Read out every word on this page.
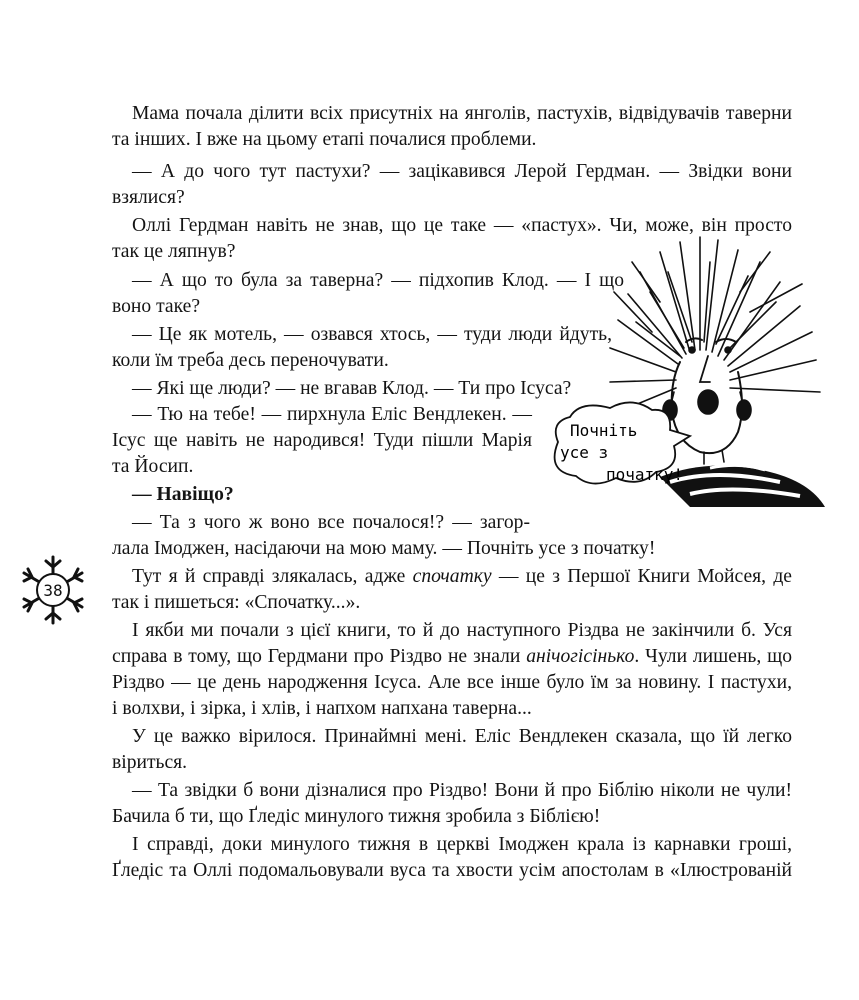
Мама почала ділити всіх присутніх на янголів, пастухів, відвідувачів таверни
та інших. І вже на цьому етапі почалися проблеми.
— А до чого тут пастухи? — зацікавився Лерой Гердман. — Звідки вони
взялися?
Оллі Гердман навіть не знав, що це таке — «пастух». Чи, може, він просто
так це ляпнув?
— А що то була за таверна? — підхопив Клод. — І що
воно таке?
— Це як мотель, — озвався хтось, — туди люди йдуть,
коли їм треба десь переночувати.
— Які ще люди? — не вгавав Клод. — Ти про Ісуса?
— Тю на тебе! — пирхнула Еліс Вендлекен. —
Ісус ще навіть не народився! Туди пішли Марія
та Йосип.
— Навіщо?
— Та з чого ж воно все почалося!? — загор-
лала Імоджен, насідаючи на мою маму. — Почніть усе з початку!
Тут я й справді злякалась, адже спочатку — це з Першої Книги Мойсея, де
так і пишеться: «Спочатку...».
І якби ми почали з цієї книги, то й до наступного Різдва не закінчили б. Уся
справа в тому, що Гердмани про Різдво не знали анічогісінько. Чули лишень, що
Різдво — це день народження Ісуса. Але все інше було їм за новину. І пастухи,
і волхви, і зірка, і хлів, і напхом напхана таверна...
У це важко вірилося. Принаймні мені. Еліс Вендлекен сказала, що їй легко
віриться.
— Та звідки б вони дізналися про Різдво! Вони й про Біблію ніколи не чули!
Бачила б ти, що Ґледіс минулого тижня зробила з Біблією!
І справді, доки минулого тижня в церкві Імоджен крала із карнавки гроші,
Ґледіс та Оллі подомальовували вуса та хвости усім апостолам в «Ілюстрованій
Почніть
усе з
початку!
38
